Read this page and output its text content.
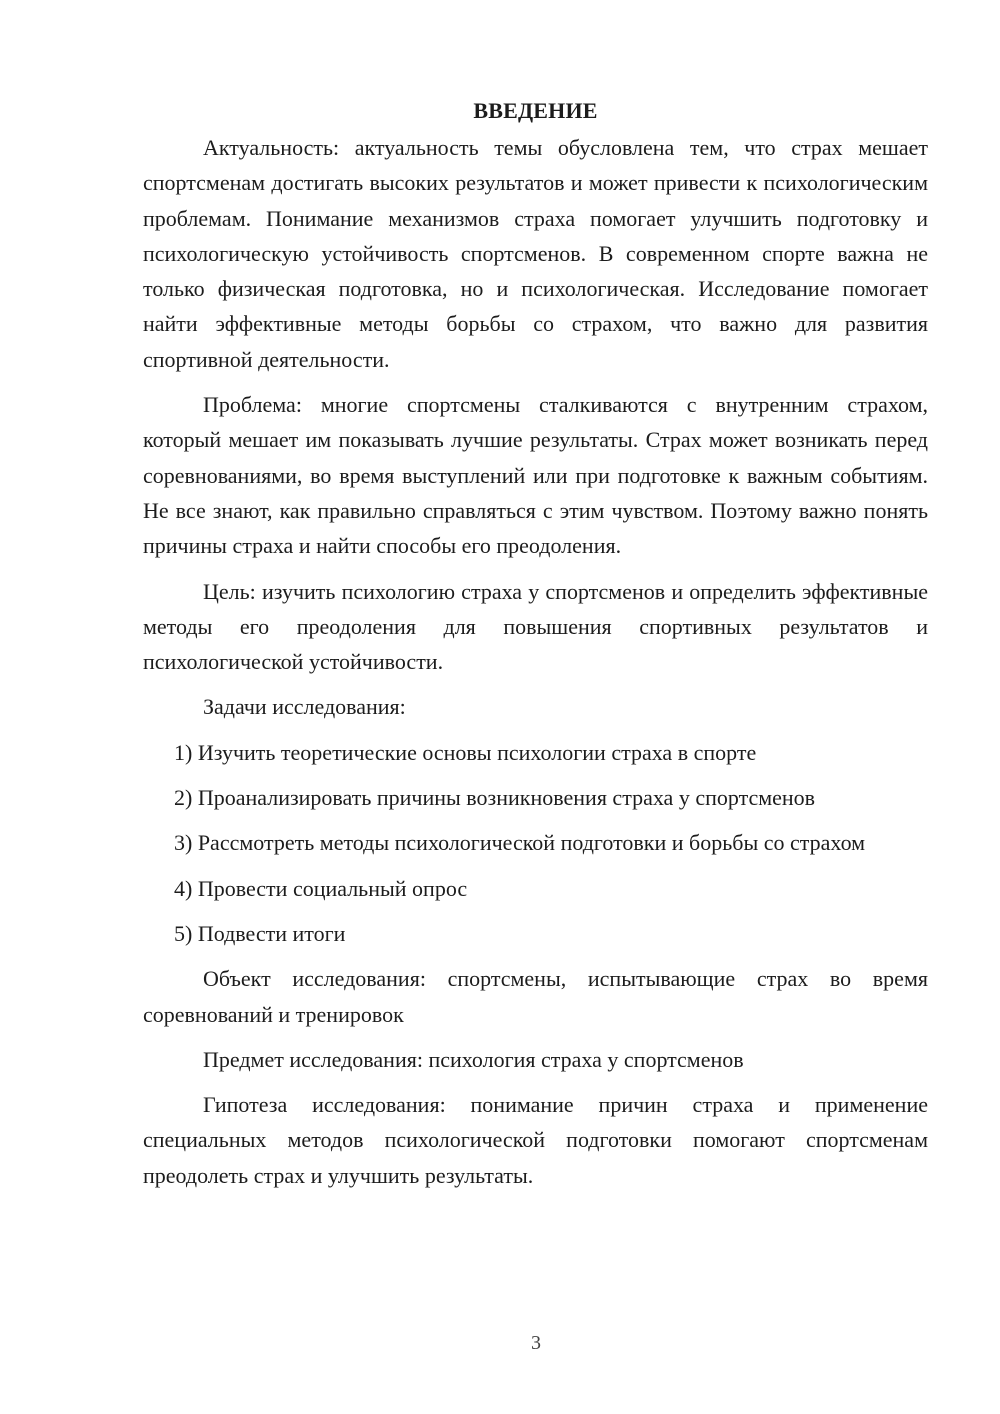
ВВЕДЕНИЕ

Актуальность: актуальность темы обусловлена тем, что страх мешает спортсменам достигать высоких результатов и может привести к психологическим проблемам. Понимание механизмов страха помогает улучшить подготовку и психологическую устойчивость спортсменов. В современном спорте важна не только физическая подготовка, но и психологическая. Исследование помогает найти эффективные методы борьбы со страхом, что важно для развития спортивной деятельности.

Проблема: многие спортсмены сталкиваются с внутренним страхом, который мешает им показывать лучшие результаты. Страх может возникать перед соревнованиями, во время выступлений или при подготовке к важным событиям. Не все знают, как правильно справляться с этим чувством. Поэтому важно понять причины страха и найти способы его преодоления.

Цель: изучить психологию страха у спортсменов и определить эффективные методы его преодоления для повышения спортивных результатов и психологической устойчивости.

Задачи исследования:

1) Изучить теоретические основы психологии страха в спорте

2) Проанализировать причины возникновения страха у спортсменов

3) Рассмотреть методы психологической подготовки и борьбы со страхом

4) Провести социальный опрос

5) Подвести итоги

Объект исследования: спортсмены, испытывающие страх во время соревнований и тренировок

Предмет исследования: психология страха у спортсменов

Гипотеза исследования: понимание причин страха и применение специальных методов психологической подготовки помогают спортсменам преодолеть страх и улучшить результаты.

3
